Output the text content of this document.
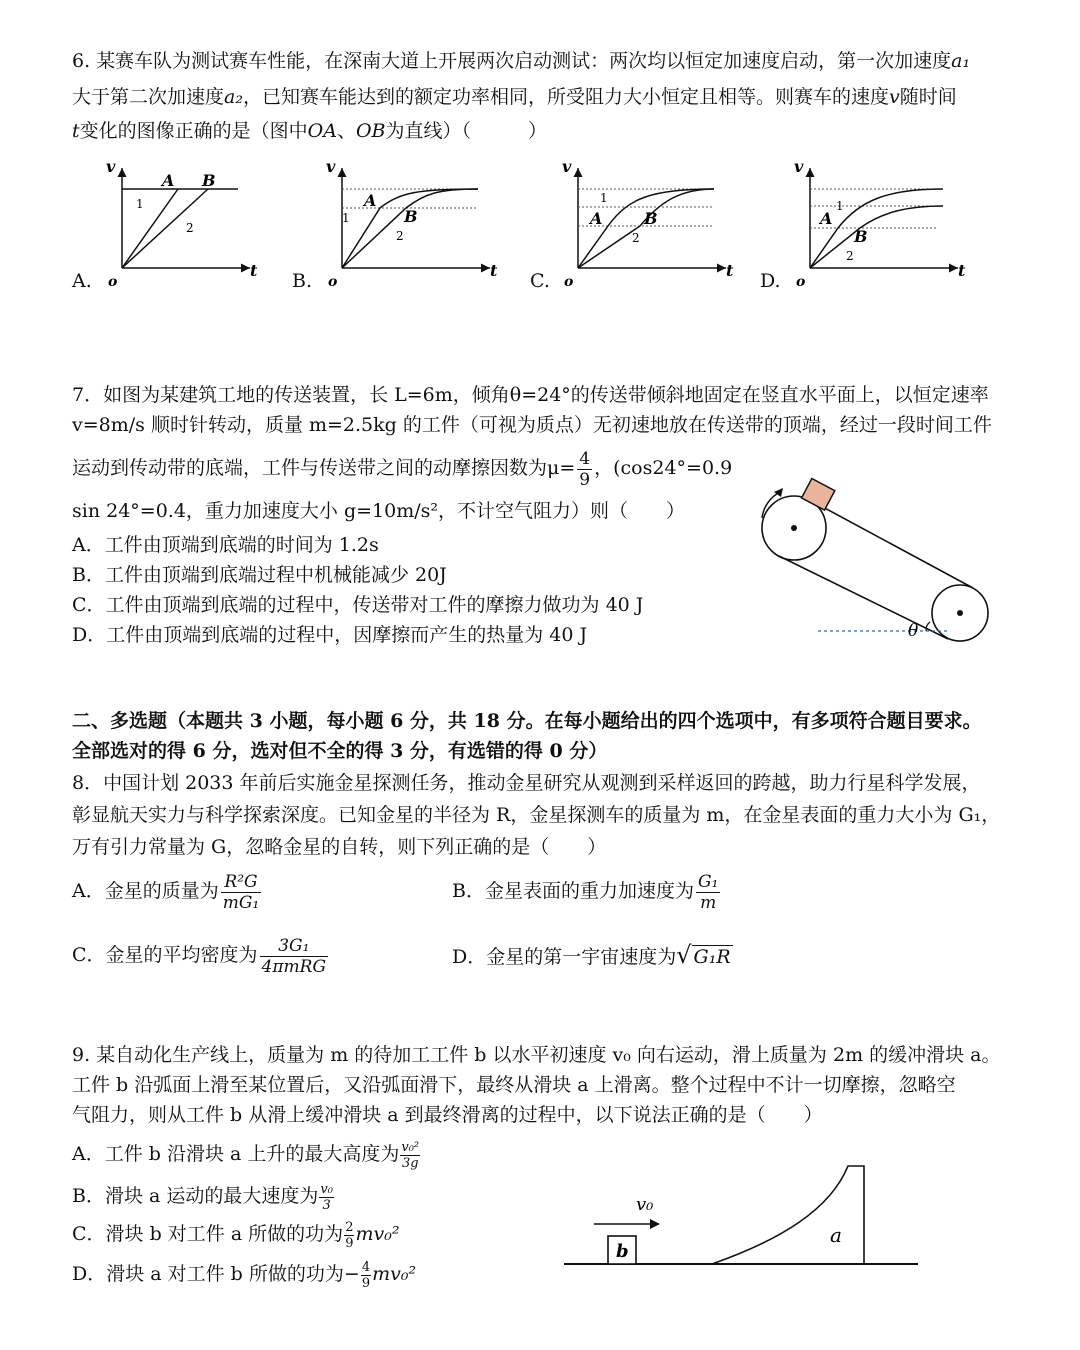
6. 某赛车队为测试赛车性能，在深南大道上开展两次启动测试：两次均以恒定加速度启动，第一次加速度a₁
大于第二次加速度a₂，已知赛车能达到的额定功率相同，所受阻力大小恒定且相等。则赛车的速度v随时间
t变化的图像正确的是（图中OA、OB为直线）（　　　）
A.	B.	C.	D.
v
t
o
A B
1
2
v
t
o
A
B
1
2
v
t
o
A	B
1
2
v
t
o
A
B
1
2
7．如图为某建筑工地的传送装置，长 L=6m，倾角θ=24°的传送带倾斜地固定在竖直水平面上，以恒定速率
v=8m/s 顺时针转动，质量 m=2.5kg 的工件（可视为质点）无初速地放在传送带的顶端，经过一段时间工件
运动到传动带的底端，工件与传送带之间的动摩擦因数为$\mu= \frac{4}{9}$ ，(cos24°=0.9
sin 24°=0.4，重力加速度大小 g=10m/s²，不计空气阻力）则（　　）
A．工件由顶端到底端的时间为 1.2s
B．工件由顶端到底端过程中机械能减少 20J
C．工件由顶端到底端的过程中，传送带对工件的摩擦力做功为 40 J
D．工件由顶端到底端的过程中，因摩擦而产生的热量为 40 J	θ
二、多选题（本题共 3 小题，每小题 6 分，共 18 分。在每小题给出的四个选项中，有多项符合题目要求。
全部选对的得 6 分，选对但不全的得 3 分，有选错的得 0 分）
8．中国计划 2033 年前后实施金星探测任务，推动金星研究从观测到采样返回的跨越，助力行星科学发展，
彰显航天实力与科学探索深度。已知金星的半径为 R，金星探测车的质量为 m，在金星表面的重力大小为 G₁，
万有引力常量为 G，忽略金星的自转，则下列正确的是（　　）
A．金星的质量为 $\frac{\text{R²G}}{\text{mG₁}}$	B．金星表面的重力加速度为 $\frac{\text{G₁}}{m}$
C．金星的平均密度为 $\frac{\text{3G₁}}{\text{4πmRG}}$	D．金星的第一宇宙速度为√ G₁R
9. 某自动化生产线上，质量为 m 的待加工工件 b 以水平初速度 v₀ 向右运动，滑上质量为 2m 的缓冲滑块 a。
工件 b 沿弧面上滑至某位置后，又沿弧面滑下，最终从滑块 a 上滑离。整个过程中不计一切摩擦，忽略空
气阻力，则从工件 b 从滑上缓冲滑块 a 到最终滑离的过程中，以下说法正确的是（　　）
A．工件 b 沿滑块 a 上升的最大高度为 $\frac{\text{v₀²}}{3g}$
B．滑块 a 运动的最大速度为 $\frac{\text{v₀}}{3}$
C．滑块 b 对工件 a 所做的功为 $\frac{2}{9} mv_0^2$
D．滑块 a 对工件 b 所做的功为− $\frac{4}{9} mv_0^2$
b
v₀
a
